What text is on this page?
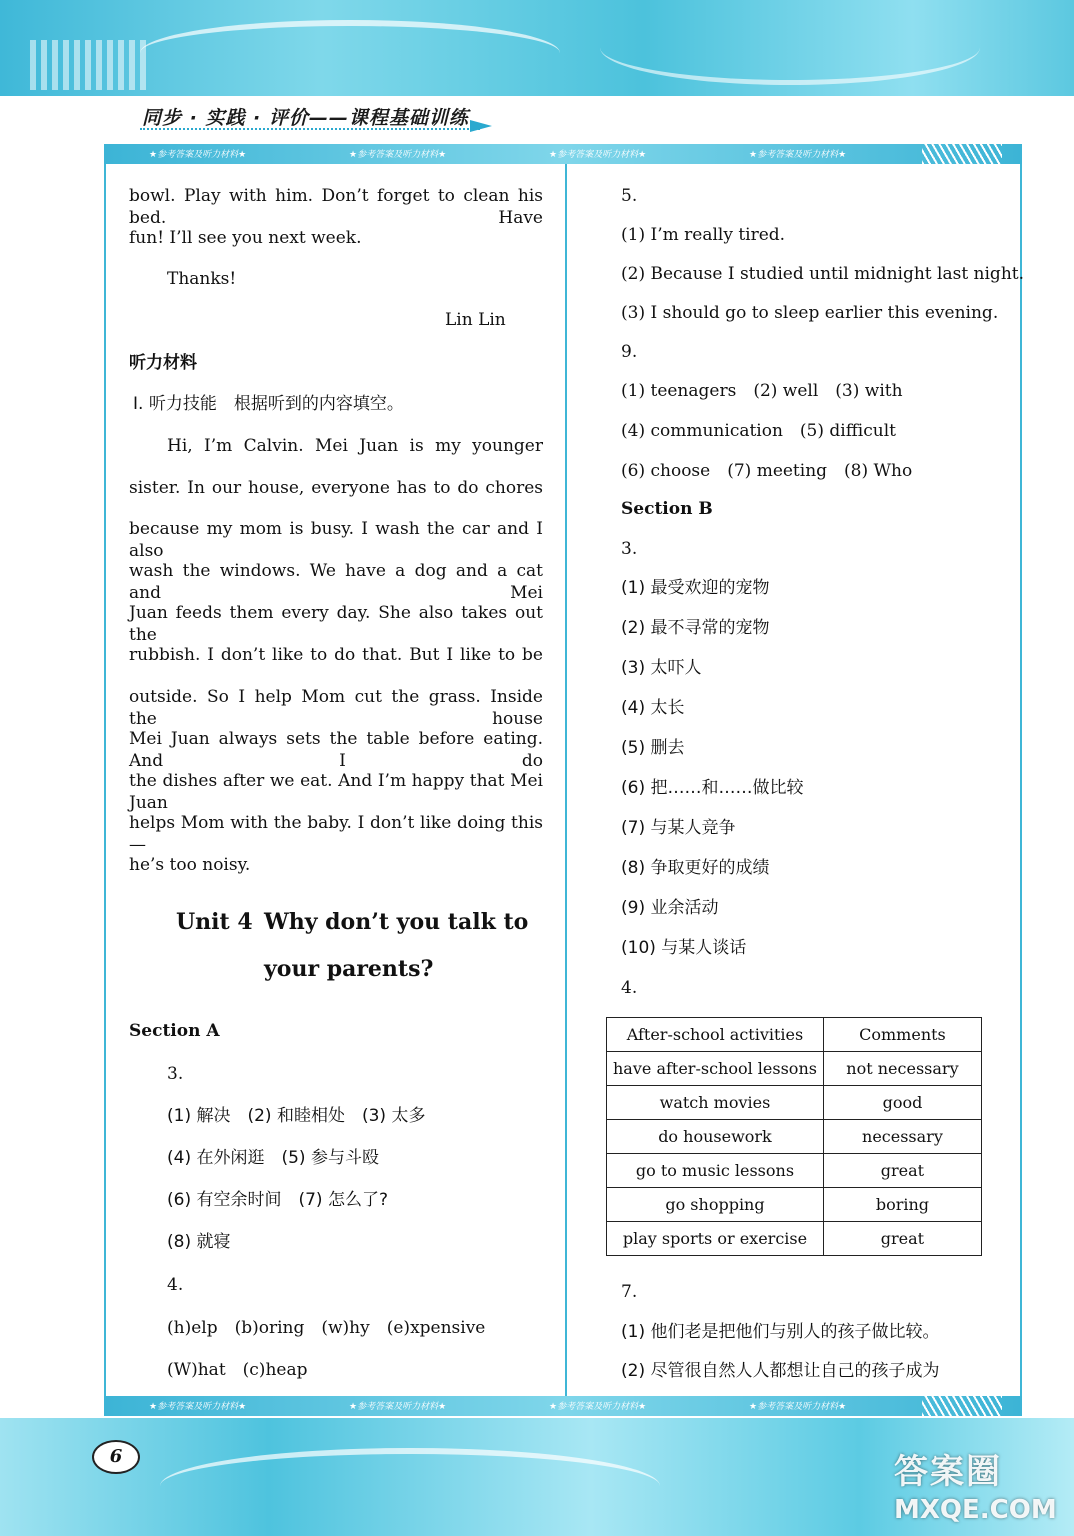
同步 · 实践 · 评价——课程基础训练
★参考答案及听力材料★	★参考答案及听力材料★	★参考答案及听力材料★	★参考答案及听力材料★
★参考答案及听力材料★	★参考答案及听力材料★	★参考答案及听力材料★	★参考答案及听力材料★
bowl. Play with him. Don’t forget to clean his bed. Have
fun! I’ll see you next week.
Thanks!
Lin Lin
听力材料
Ⅰ. 听力技能　根据听到的内容填空。
Hi, I’m Calvin. Mei Juan is my younger
sister. In our house, everyone has to do chores
because my mom is busy. I wash the car and I also
wash the windows. We have a dog and a cat and Mei
Juan feeds them every day. She also takes out the
rubbish. I don’t like to do that. But I like to be
outside. So I help Mom cut the grass. Inside the house
Mei Juan always sets the table before eating. And I do
the dishes after we eat. And I’m happy that Mei Juan
helps Mom with the baby. I don’t like doing this—
he’s too noisy.
Unit 4 Why don’t you talk to
your parents?
Section A
3.
(1) 解决　(2) 和睦相处　(3) 太多
(4) 在外闲逛　(5) 参与斗殴
(6) 有空余时间　(7) 怎么了?
(8) 就寝
4.
(h)elp　(b)oring　(w)hy　(e)xpensive
(W)hat　(c)heap
5.
(1) I’m really tired.
(2) Because I studied until midnight last night.
(3) I should go to sleep earlier this evening.
9.
(1) teenagers　(2) well　(3) with
(4) communication　(5) difficult
(6) choose　(7) meeting　(8) Who
Section B
3.
(1) 最受欢迎的宠物
(2) 最不寻常的宠物
(3) 太吓人
(4) 太长
(5) 删去
(6) 把……和……做比较
(7) 与某人竞争
(8) 争取更好的成绩
(9) 业余活动
(10) 与某人谈话
4.
After-school activities	Comments
have after-school lessons	not necessary
watch movies	good
do housework	necessary
go to music lessons	great
go shopping	boring
play sports or exercise	great
7.
(1) 他们老是把他们与别人的孩子做比较。
(2) 尽管很自然人人都想让自己的孩子成为
6	答案圈
MXQE.COM
